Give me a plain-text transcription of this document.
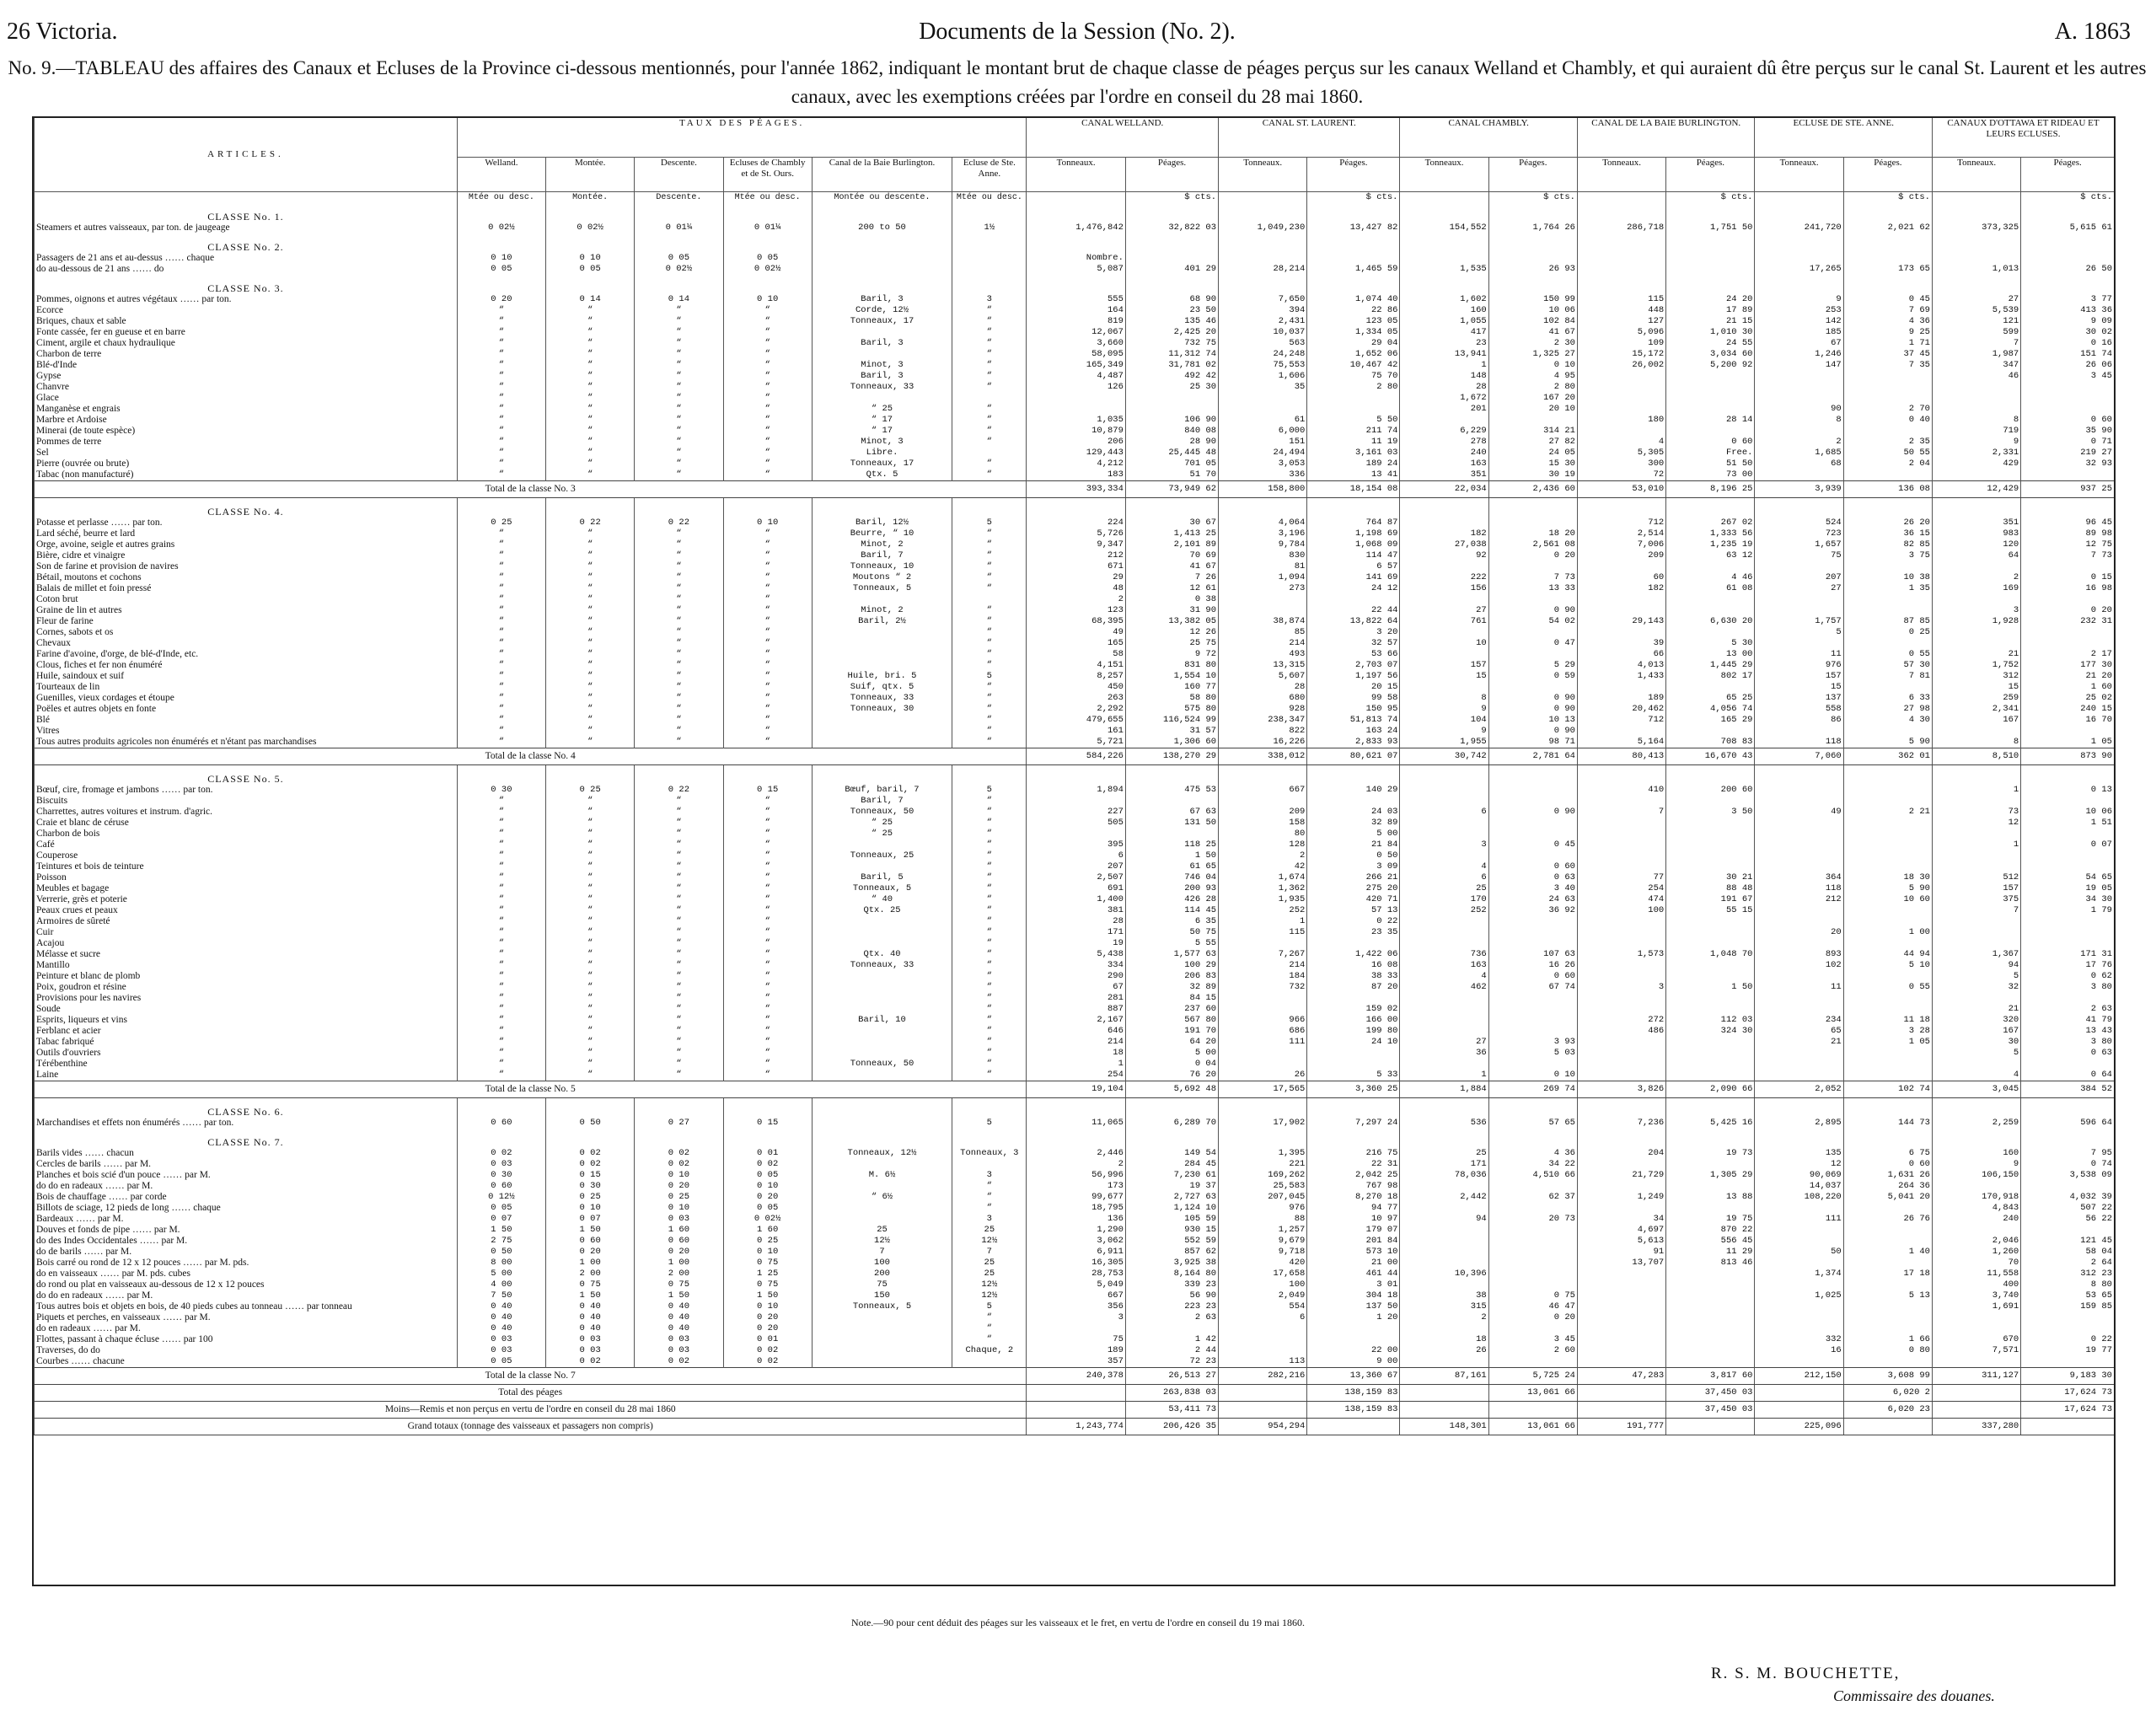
26 Victoria.	Documents de la Session (No. 2).	A. 1863
No. 9.—TABLEAU des affaires des Canaux et Ecluses de la Province ci-dessous mentionnés, pour l'année 1862, indiquant le montant brut de chaque classe de péages perçus sur les canaux Welland et Chambly, et qui auraient dû être perçus sur le canal St. Laurent et les autres canaux, avec les exemptions créées par l'ordre en conseil du 28 mai 1860.
ARTICLES.	TAUX DES PÉAGES.						CANAL WELLAND.		CANAL ST. LAURENT.		CANAL CHAMBLY.		CANAL DE LA BAIE BURLINGTON.		ECLUSE DE STE. ANNE.		CANAUX D'OTTAWA ET RIDEAU ET LEURS ECLUSES.	
	Welland.	Montée.	Descente.	Ecluses de Chambly et de St. Ours.	Canal de la Baie Burlington.	Ecluse de Ste. Anne.	Tonneaux.	Péages.	Tonneaux.	Péages.	Tonneaux.	Péages.	Tonneaux.	Péages.	Tonneaux.	Péages.	Tonneaux.	Péages.
	Mtée ou desc.	Montée.	Descente.	Mtée ou desc.	Montée ou descente.	Mtée ou desc.		$ cts.		$ cts.		$ cts.		$ cts.		$ cts.		$ cts.
CLASSE No. 1.																		
Steamers et autres vaisseaux, par ton. de jaugeage	0 02½	0 02½	0 01¼	0 01¼	200 to 50	1½	1,476,842	32,822 03	1,049,230	13,427 82	154,552	1,764 26	286,718	1,751 50	241,720	2,021 62	373,325	5,615 61
CLASSE No. 2.																		
Passagers de 21 ans et au-dessus …… chaque	0 10	0 10	0 05	0 05			Nombre.											
do au-dessous de 21 ans …… do	0 05	0 05	0 02½	0 02½			5,087	401 29	28,214	1,465 59	1,535	26 93			17,265	173 65	1,013	26 50
CLASSE No. 3.																		
Pommes, oignons et autres végétaux …… par ton.	0 20	0 14	0 14	0 10	Baril, 3	3	555	68 90	7,650	1,074 40	1,602	150 99	115	24 20	9	0 45	27	3 77
Ecorce	“	“	“	“	Corde, 12½	“	164	23 50	394	22 86	160	10 06	448	17 89	253	7 69	5,539	413 36
Briques, chaux et sable	“	“	“	“	Tonneaux, 17	“	819	135 46	2,431	123 05	1,055	102 84	127	21 15	142	4 36	121	9 09
Fonte cassée, fer en gueuse et en barre	“	“	“	“		“	12,067	2,425 20	10,037	1,334 05	417	41 67	5,096	1,010 30	185	9 25	599	30 02
Ciment, argile et chaux hydraulique	“	“	“	“	Baril, 3	“	3,660	732 75	563	29 04	23	2 30	109	24 55	67	1 71	7	0 16
Charbon de terre	“	“	“	“		“	58,095	11,312 74	24,248	1,652 06	13,941	1,325 27	15,172	3,034 60	1,246	37 45	1,987	151 74
Blé-d'Inde	“	“	“	“	Minot, 3	“	165,349	31,781 02	75,553	10,467 42	1	0 10	26,002	5,200 92	147	7 35	347	26 06
Gypse	“	“	“	“	Baril, 3	“	4,487	492 42	1,606	75 70	148	4 95					46	3 45
Chanvre	“	“	“	“	Tonneaux, 33	“	126	25 30	35	2 80	28	2 80						
Glace	“	“	“	“							1,672	167 20						
Manganèse et engrais	“	“	“	“	“ 25	“					201	20 10			90	2 70		
Marbre et Ardoise	“	“	“	“	“ 17	“	1,035	106 90	61	5 50			180	28 14	8	0 40	8	0 60
Minerai (de toute espèce)	“	“	“	“	“ 17	“	10,879	840 08	6,000	211 74	6,229	314 21					719	35 90
Pommes de terre	“	“	“	“	Minot, 3	“	206	28 90	151	11 19	278	27 82	4	0 60	2	2 35	9	0 71
Sel	“	“	“	“	Libre.		129,443	25,445 48	24,494	3,161 03	240	24 05	5,305	Free.	1,685	50 55	2,331	219 27
Pierre (ouvrée ou brute)	“	“	“	“	Tonneaux, 17	“	4,212	701 05	3,053	189 24	163	15 30	300	51 50	68	2 04	429	32 93
Tabac (non manufacturé)	“	“	“	“	Qtx. 5	“	183	51 70	336	13 41	351	30 19	72	73 00				
Total de la classe No. 3							393,334	73,949 62	158,800	18,154 08	22,034	2,436 60	53,010	8,196 25	3,939	136 08	12,429	937 25
CLASSE No. 4.																		
Potasse et perlasse …… par ton.	0 25	0 22	0 22	0 10	Baril, 12½	5	224	30 67	4,064	764 87			712	267 02	524	26 20	351	96 45
Lard séché, beurre et lard	“	“	“	“	Beurre, “ 10	“	5,726	1,413 25	3,196	1,198 69	182	18 20	2,514	1,333 56	723	36 15	983	89 98
Orge, avoine, seigle et autres grains	“	“	“	“	Minot, 2	“	9,347	2,101 89	9,784	1,068 09	27,038	2,561 08	7,006	1,235 19	1,657	82 85	120	12 75
Bière, cidre et vinaigre	“	“	“	“	Baril, 7	“	212	70 69	830	114 47	92	0 20	209	63 12	75	3 75	64	7 73
Son de farine et provision de navires	“	“	“	“	Tonneaux, 10	“	671	41 67	81	6 57								
Bétail, moutons et cochons	“	“	“	“	Moutons “ 2	“	29	7 26	1,094	141 69	222	7 73	60	4 46	207	10 38	2	0 15
Balais de millet et foin pressé	“	“	“	“	Tonneaux, 5	“	48	12 61	273	24 12	156	13 33	182	61 08	27	1 35	169	16 98
Coton brut	“	“	“	“			2	0 38										
Graine de lin et autres	“	“	“	“	Minot, 2	“	123	31 90		22 44	27	0 90					3	0 20
Fleur de farine	“	“	“	“	Baril, 2½	“	68,395	13,382 05	38,874	13,822 64	761	54 02	29,143	6,630 20	1,757	87 85	1,928	232 31
Cornes, sabots et os	“	“	“	“		“	49	12 26	85	3 20					5	0 25		
Chevaux	“	“	“	“		“	165	25 75	214	32 57	10	0 47	39	5 30				
Farine d'avoine, d'orge, de blé-d'Inde, etc.	“	“	“	“		“	58	9 72	493	53 66			66	13 00	11	0 55	21	2 17
Clous, fiches et fer non énuméré	“	“	“	“		“	4,151	831 80	13,315	2,703 07	157	5 29	4,013	1,445 29	976	57 30	1,752	177 30
Huile, saindoux et suif	“	“	“	“	Huile, bri. 5	5	8,257	1,554 10	5,607	1,197 56	15	0 59	1,433	802 17	157	7 81	312	21 20
Tourteaux de lin	“	“	“	“	Suif, qtx. 5	“	450	160 77	28	20 15					15		15	1 60
Guenilles, vieux cordages et étoupe	“	“	“	“	Tonneaux, 33	“	263	58 80	680	99 58	8	0 90	189	65 25	137	6 33	259	25 02
Poëles et autres objets en fonte	“	“	“	“	Tonneaux, 30	“	2,292	575 80	928	150 95	9	0 90	20,462	4,056 74	558	27 98	2,341	240 15
Blé	“	“	“	“		“	479,655	116,524 99	238,347	51,813 74	104	10 13	712	165 29	86	4 30	167	16 70
Vitres	“	“	“	“		“	161	31 57	822	163 24	9	0 90						
Tous autres produits agricoles non énumérés et n'étant pas marchandises	“	“	“	“		“	5,721	1,306 60	16,226	2,833 93	1,955	98 71	5,164	708 83	118	5 90	8	1 05
Total de la classe No. 4							584,226	138,270 29	338,012	80,621 07	30,742	2,781 64	80,413	16,670 43	7,060	362 01	8,510	873 90
CLASSE No. 5.																		
Bœuf, cire, fromage et jambons …… par ton.	0 30	0 25	0 22	0 15	Bœuf, baril, 7	5	1,894	475 53	667	140 29			410	200 60			1	0 13
Biscuits	“	“	“	“	Baril, 7	“												
Charrettes, autres voitures et instrum. d'agric.	“	“	“	“	Tonneaux, 50	“	227	67 63	209	24 03	6	0 90	7	3 50	49	2 21	73	10 06
Craie et blanc de céruse	“	“	“	“	“ 25	“	505	131 50	158	32 89							12	1 51
Charbon de bois	“	“	“	“	“ 25	“			80	5 00								
Café	“	“	“	“		“	395	118 25	128	21 84	3	0 45					1	0 07
Couperose	“	“	“	“	Tonneaux, 25	“	6	1 50	2	0 50								
Teintures et bois de teinture	“	“	“	“		“	207	61 65	42	3 09	4	0 60						
Poisson	“	“	“	“	Baril, 5	“	2,507	746 04	1,674	266 21	6	0 63	77	30 21	364	18 30	512	54 65
Meubles et bagage	“	“	“	“	Tonneaux, 5	“	691	200 93	1,362	275 20	25	3 40	254	88 48	118	5 90	157	19 05
Verrerie, grès et poterie	“	“	“	“	“ 40	“	1,400	426 28	1,935	420 71	170	24 63	474	191 67	212	10 60	375	34 30
Peaux crues et peaux	“	“	“	“	Qtx. 25	“	381	114 45	252	57 13	252	36 92	100	55 15			7	1 79
Armoires de sûreté	“	“	“	“		“	28	6 35	1	0 22								
Cuir	“	“	“	“		“	171	50 75	115	23 35					20	1 00		
Acajou	“	“	“	“		“	19	5 55										
Mélasse et sucre	“	“	“	“	Qtx. 40	“	5,438	1,577 63	7,267	1,422 06	736	107 63	1,573	1,048 70	893	44 94	1,367	171 31
Mantillo	“	“	“	“	Tonneaux, 33	“	334	100 29	214	16 08	163	16 26			102	5 10	94	17 76
Peinture et blanc de plomb	“	“	“	“		“	290	206 83	184	38 33	4	0 60					5	0 62
Poix, goudron et résine	“	“	“	“		“	67	32 89	732	87 20	462	67 74	3	1 50	11	0 55	32	3 80
Provisions pour les navires	“	“	“	“		“	281	84 15										
Soude	“	“	“	“		“	887	237 60		159 02							21	2 63
Esprits, liqueurs et vins	“	“	“	“	Baril, 10	“	2,167	567 80	966	166 00			272	112 03	234	11 18	320	41 79
Ferblanc et acier	“	“	“	“		“	646	191 70	686	199 80			486	324 30	65	3 28	167	13 43
Tabac fabriqué	“	“	“	“		“	214	64 20	111	24 10	27	3 93			21	1 05	30	3 80
Outils d'ouvriers	“	“	“	“		“	18	5 00			36	5 03					5	0 63
Térébenthine	“	“	“	“	Tonneaux, 50	“	1	0 04										
Laine	“	“	“	“		“	254	76 20	26	5 33	1	0 10					4	0 64
Total de la classe No. 5							19,104	5,692 48	17,565	3,360 25	1,884	269 74	3,826	2,090 66	2,052	102 74	3,045	384 52
CLASSE No. 6.																		
Marchandises et effets non énumérés …… par ton.	0 60	0 50	0 27	0 15		5	11,065	6,289 70	17,902	7,297 24	536	57 65	7,236	5,425 16	2,895	144 73	2,259	596 64
CLASSE No. 7.																		
Barils vides …… chacun	0 02	0 02	0 02	0 01	Tonneaux, 12½	Tonneaux, 3	2,446	149 54	1,395	216 75	25	4 36	204	19 73	135	6 75	160	7 95
Cercles de barils …… par M.	0 03	0 02	0 02	0 02			2	284 45	221	22 31	171	34 22			12	0 60	9	0 74
Planches et bois scié d'un pouce …… par M.	0 30	0 15	0 10	0 05	M. 6½	3	56,996	7,230 61	169,262	2,042 25	78,036	4,510 66	21,729	1,305 29	90,069	1,631 26	106,150	3,538 09
do do en radeaux …… par M.	0 60	0 30	0 20	0 10		“	173	19 37	25,583	767 98					14,037	264 36		
Bois de chauffage …… par corde	0 12½	0 25	0 25	0 20	“ 6½	“	99,677	2,727 63	207,045	8,270 18	2,442	62 37	1,249	13 88	108,220	5,041 20	170,918	4,032 39
Billots de sciage, 12 pieds de long …… chaque	0 05	0 10	0 10	0 05		“	18,795	1,124 10	976	94 77							4,843	507 22
Bardeaux …… par M.	0 07	0 07	0 03	0 02½		3	136	105 59	88	10 97	94	20 73	34	19 75	111	26 76	240	56 22
Douves et fonds de pipe …… par M.	1 50	1 50	1 60	1 60	25	25	1,290	930 15	1,257	179 07			4,697	870 22				
do des Indes Occidentales …… par M.	2 75	0 60	0 60	0 25	12½	12½	3,062	552 59	9,679	201 84			5,613	556 45			2,046	121 45
do de barils …… par M.	0 50	0 20	0 20	0 10	7	7	6,911	857 62	9,718	573 10			91	11 29	50	1 40	1,260	58 04
Bois carré ou rond de 12 x 12 pouces …… par M. pds.	8 00	1 00	1 00	0 75	100	25	16,305	3,925 38	420	21 00			13,707	813 46			70	2 64
do en vaisseaux …… par M. pds. cubes	5 00	2 00	2 00	1 25	200	25	28,753	8,164 80	17,658	461 44	10,396				1,374	17 18	11,558	312 23
do rond ou plat en vaisseaux au-dessous de 12 x 12 pouces	4 00	0 75	0 75	0 75	75	12½	5,049	339 23	100	3 01							400	8 80
do do en radeaux …… par M.	7 50	1 50	1 50	1 50	150	12½	667	56 90	2,049	304 18	38	0 75			1,025	5 13	3,740	53 65
Tous autres bois et objets en bois, de 40 pieds cubes au tonneau …… par tonneau	0 40	0 40	0 40	0 10	Tonneaux, 5	5	356	223 23	554	137 50	315	46 47					1,691	159 85
Piquets et perches, en vaisseaux …… par M.	0 40	0 40	0 40	0 20		“	3	2 63	6	1 20	2	0 20						
do en radeaux …… par M.	0 40	0 40	0 40	0 20		“												
Flottes, passant à chaque écluse …… par 100	0 03	0 03	0 03	0 01		“	75	1 42			18	3 45			332	1 66	670	0 22
Traverses, do do	0 03	0 03	0 03	0 02		Chaque, 2	189	2 44		22 00	26	2 60			16	0 80	7,571	19 77
Courbes …… chacune	0 05	0 02	0 02	0 02			357	72 23	113	9 00								
Total de la classe No. 7							240,378	26,513 27	282,216	13,360 67	87,161	5,725 24	47,283	3,817 60	212,150	3,608 99	311,127	9,183 30
Total des péages								263,838 03		138,159 83		13,061 66		37,450 03		6,020 2		17,624 73
Moins—Remis et non perçus en vertu de l'ordre en conseil du 28 mai 1860								53,411 73		138,159 83				37,450 03		6,020 23		17,624 73
Grand totaux (tonnage des vaisseaux et passagers non compris)							1,243,774	206,426 35	954,294		148,301	13,061 66	191,777		225,096		337,280	
Note.—90 pour cent déduit des péages sur les vaisseaux et le fret, en vertu de l'ordre en conseil du 19 mai 1860.
R. S. M. BOUCHETTE,
Commissaire des douanes.
